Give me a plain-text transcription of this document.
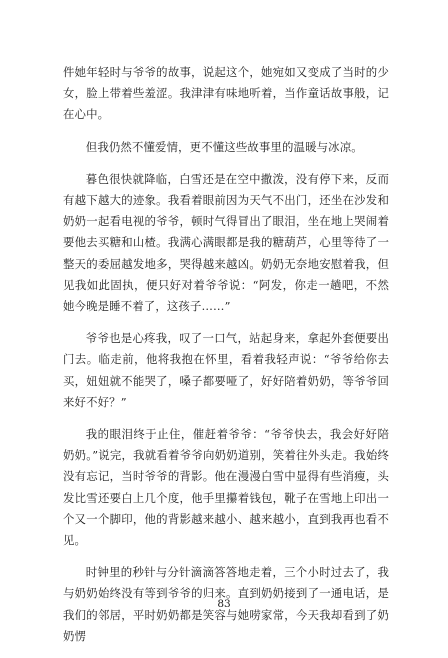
件她年轻时与爷爷的故事，说起这个，她宛如又变成了当时的少女，脸上带着些羞涩。我津津有味地听着，当作童话故事般，记在心中。

但我仍然不懂爱情，更不懂这些故事里的温暖与冰凉。

暮色很快就降临，白雪还是在空中撒泼，没有停下来，反而有越下越大的迹象。我看着眼前因为天气不出门，还坐在沙发和奶奶一起看电视的爷爷，顿时气得冒出了眼泪，坐在地上哭闹着要他去买糖和山楂。我满心满眼都是我的糖葫芦，心里等待了一整天的委屈越发地多，哭得越来越凶。奶奶无奈地安慰着我，但见我如此固执，便只好对着爷爷说：“阿发，你走一趟吧，不然她今晚是睡不着了，这孩子……”

爷爷也是心疼我，叹了一口气，站起身来，拿起外套便要出门去。临走前，他将我抱在怀里，看着我轻声说：“爷爷给你去买，妞妞就不能哭了，嗓子都要哑了，好好陪着奶奶，等爷爷回来好不好？”

我的眼泪终于止住，催赶着爷爷：“爷爷快去，我会好好陪奶奶。”说完，我就看着爷爷向奶奶道别，笑着往外头走。我始终没有忘记，当时爷爷的背影。他在漫漫白雪中显得有些消瘦，头发比雪还要白上几个度，他手里攥着钱包，靴子在雪地上印出一个又一个脚印，他的背影越来越小、越来越小，直到我再也看不见。

时钟里的秒针与分针滴滴答答地走着，三个小时过去了，我与奶奶始终没有等到爷爷的归来。直到奶奶接到了一通电话，是我们的邻居，平时奶奶都是笑容与她唠家常，今天我却看到了奶奶愣

83
